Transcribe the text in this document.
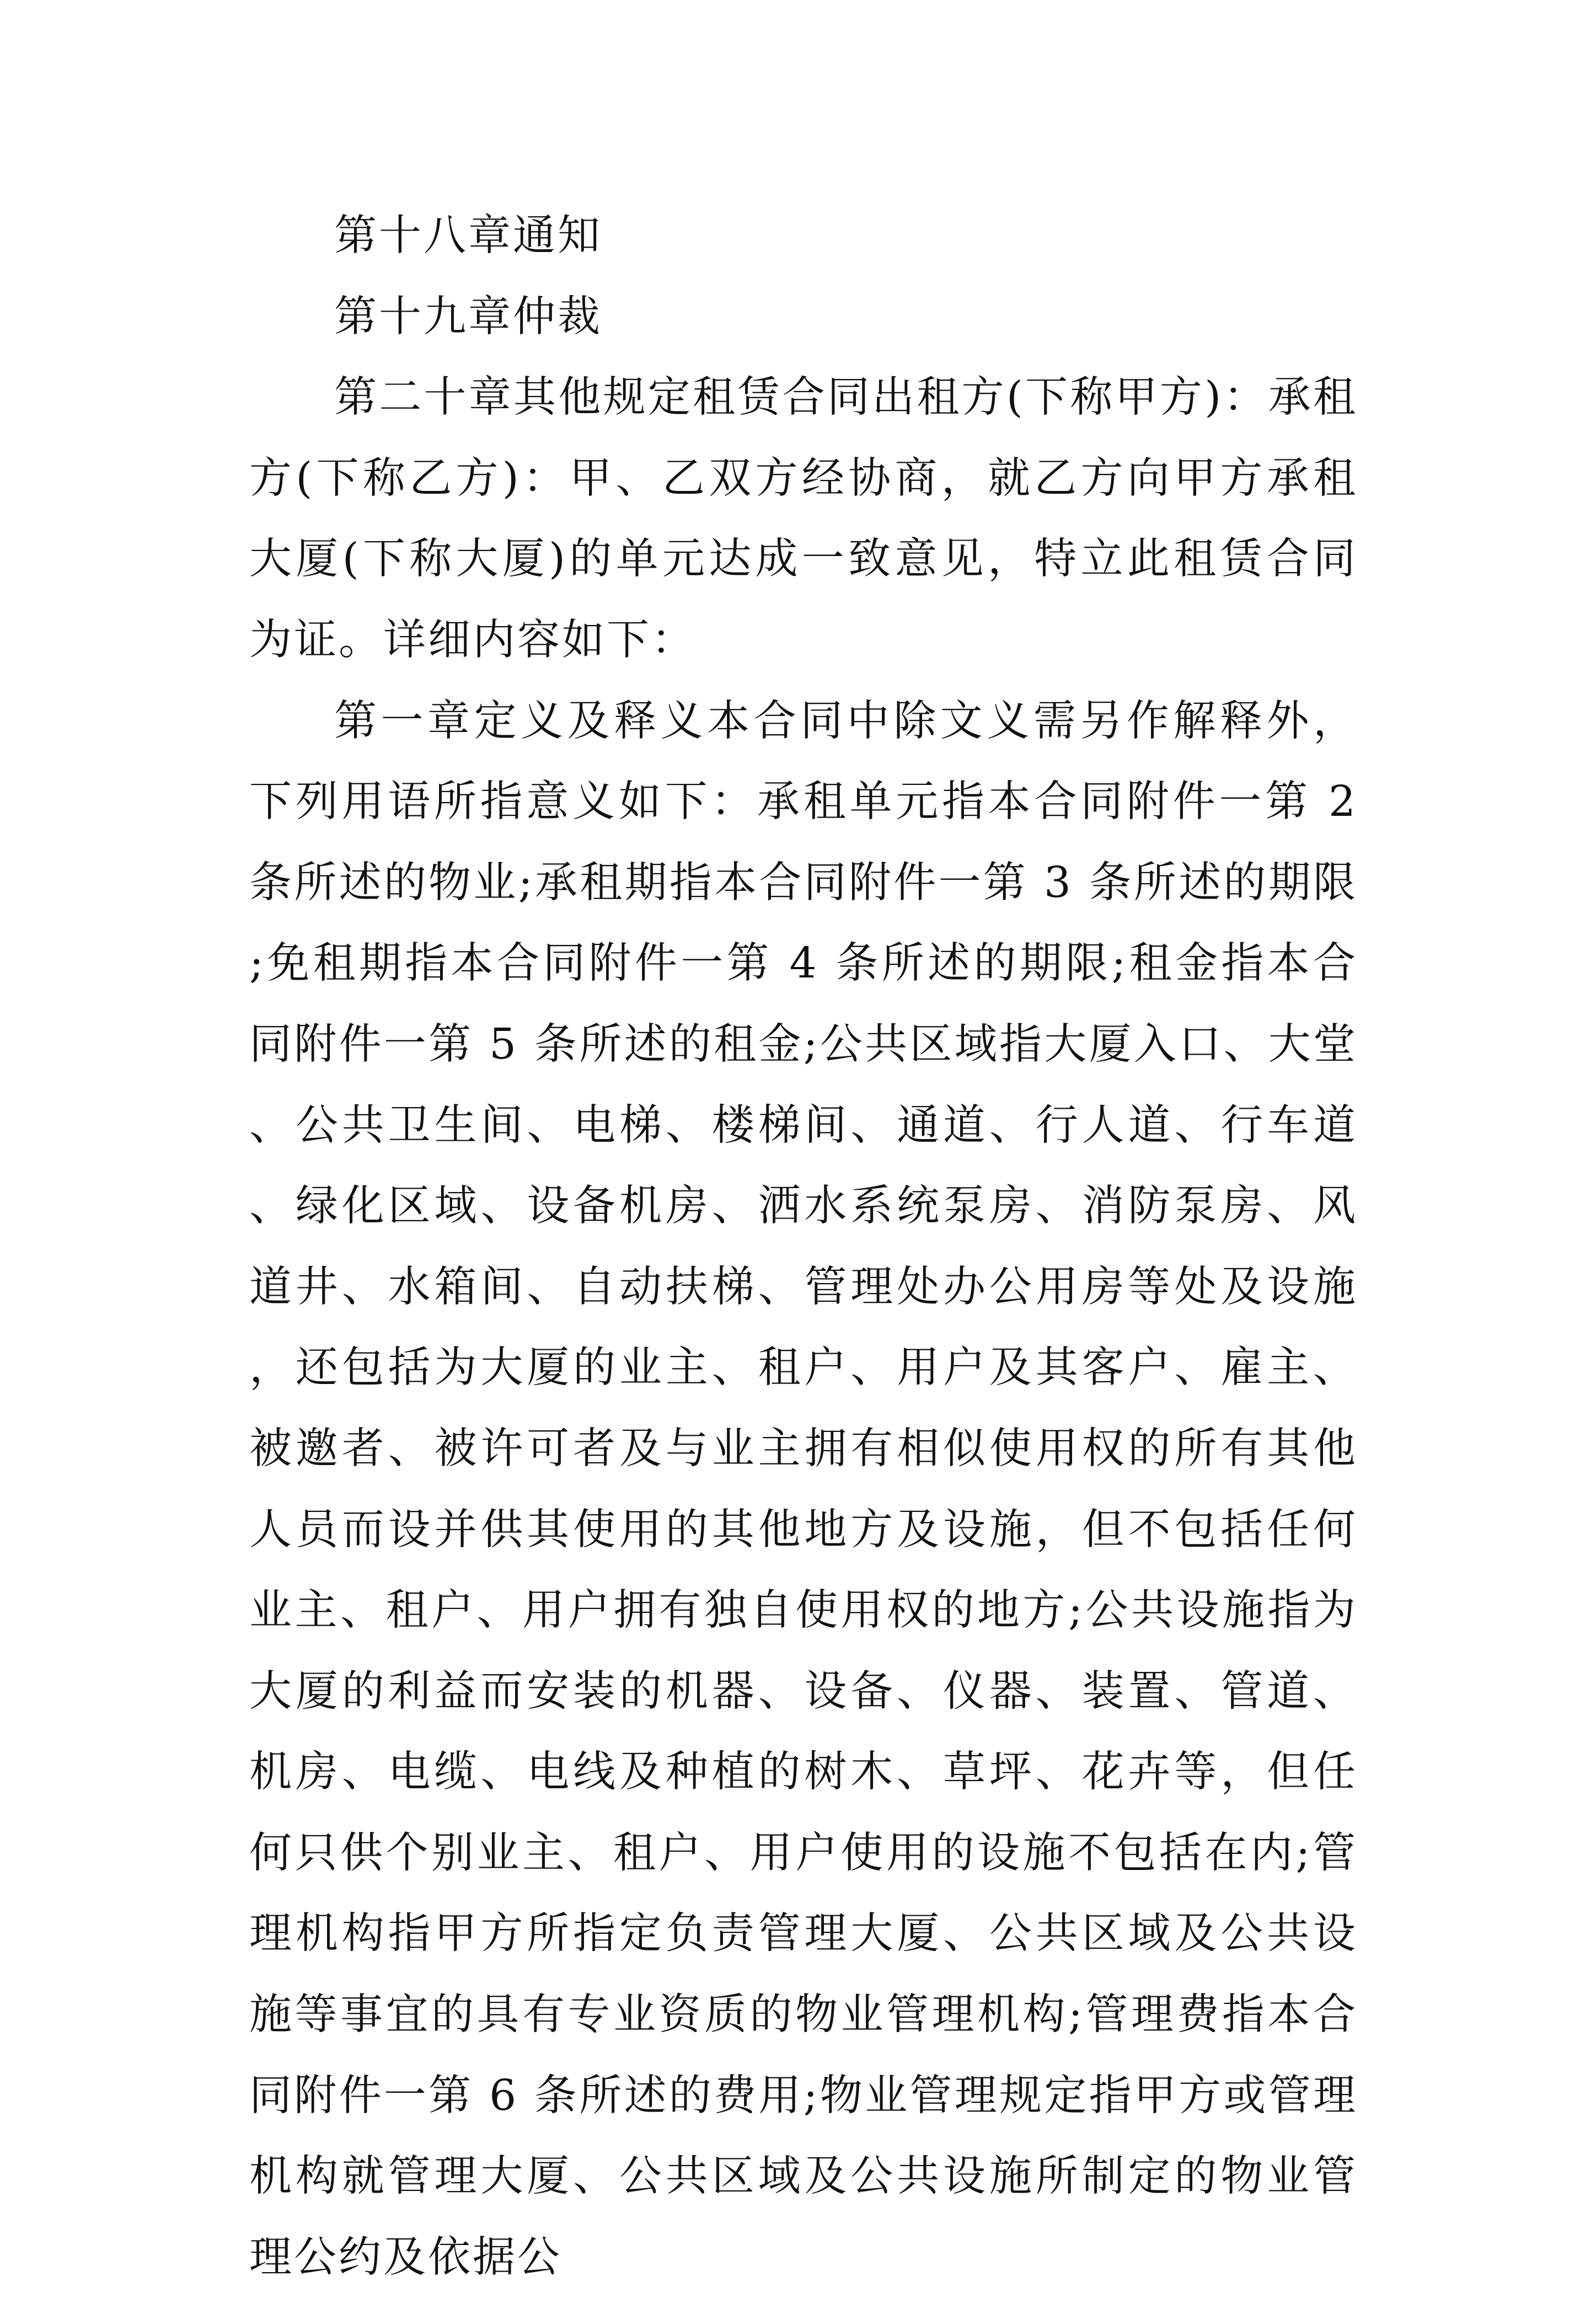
第十八章通知

第十九章仲裁

第二十章其他规定租赁合同出租方(下称甲方)：承租方(下称乙方)：甲、乙双方经协商，就乙方向甲方承租 大厦(下称大厦)的单元达成一致意见，特立此租赁合同为证。详细内容如下：

第一章定义及释义本合同中除文义需另作解释外，下列用语所指意义如下：承租单元指本合同附件一第 2 条所述的物业;承租期指本合同附件一第 3 条所述的期限;免租期指本合同附件一第 4 条所述的期限;租金指本合同附件一第 5 条所述的租金;公共区域指大厦入口、大堂、公共卫生间、电梯、楼梯间、通道、行人道、行车道、绿化区域、设备机房、洒水系统泵房、消防泵房、风道井、水箱间、自动扶梯、管理处办公用房等处及设施，还包括为大厦的业主、租户、用户及其客户、雇主、被邀者、被许可者及与业主拥有相似使用权的所有其他人员而设并供其使用的其他地方及设施，但不包括任何业主、租户、用户拥有独自使用权的地方;公共设施指为大厦的利益而安装的机器、设备、仪器、装置、管道、机房、电缆、电线及种植的树木、草坪、花卉等，但任何只供个别业主、租户、用户使用的设施不包括在内;管理机构指甲方所指定负责管理大厦、公共区域及公共设施等事宜的具有专业资质的物业管理机构;管理费指本合同附件一第 6 条所述的费用;物业管理规定指甲方或管理机构就管理大厦、公共区域及公共设施所制定的物业管理公约及依据公
